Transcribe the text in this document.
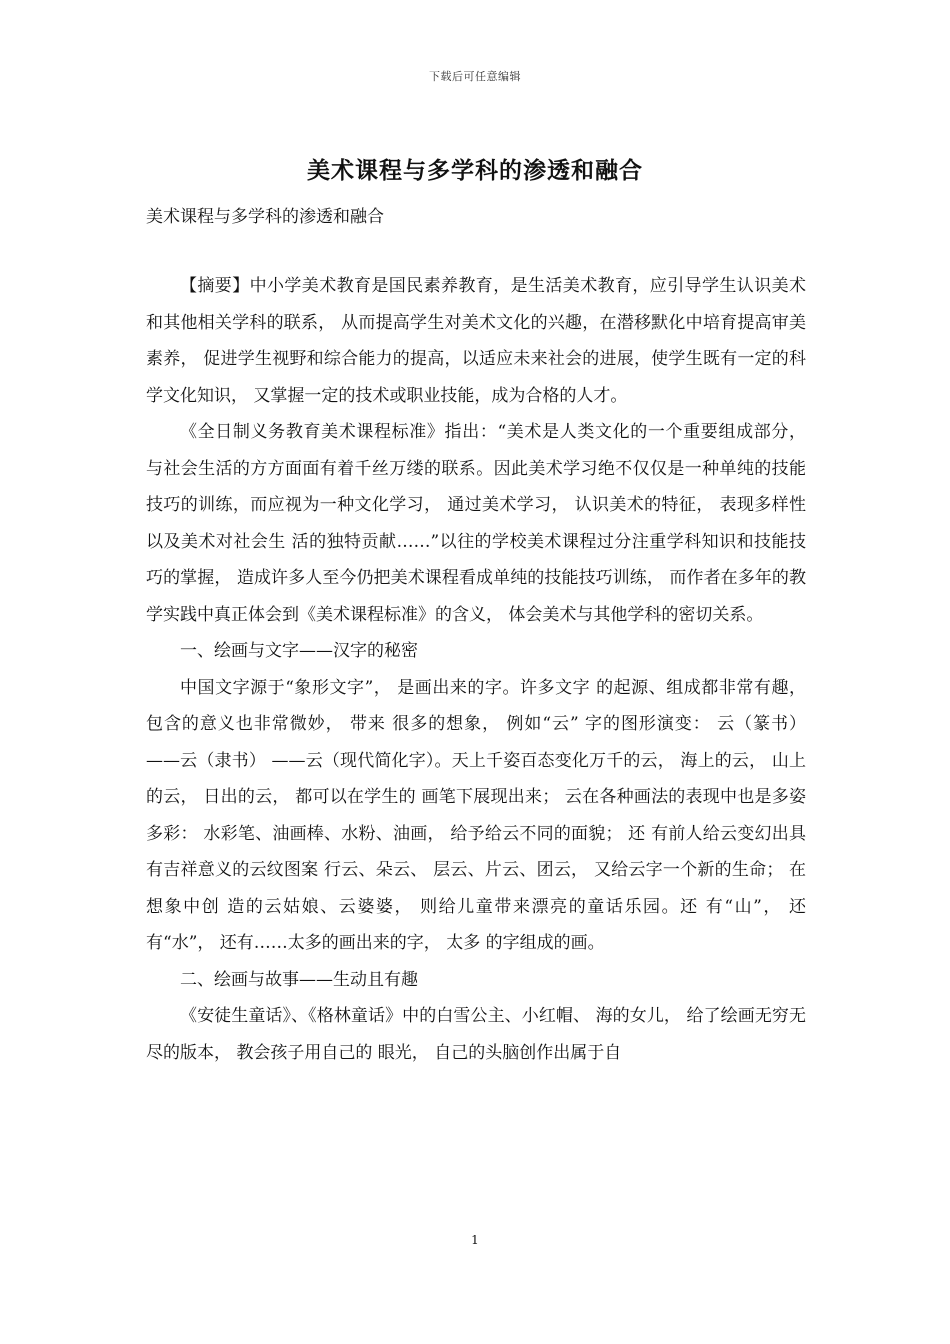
下载后可任意编辑
美术课程与多学科的渗透和融合
美术课程与多学科的渗透和融合

【摘要】中小学美术教育是国民素养教育，是生活美术教育，应引导学生认识美术和其他相关学科的联系， 从而提高学生对美术文化的兴趣，在潜移默化中培育提高审美素养， 促进学生视野和综合能力的提高，以适应未来社会的进展，使学生既有一定的科学文化知识， 又掌握一定的技术或职业技能，成为合格的人才。

《全日制义务教育美术课程标准》指出：“美术是人类文化的一个重要组成部分， 与社会生活的方方面面有着千丝万缕的联系。因此美术学习绝不仅仅是一种单纯的技能技巧的训练，而应视为一种文化学习， 通过美术学习， 认识美术的特征， 表现多样性以及美术对社会生 活的独特贡献……”以往的学校美术课程过分注重学科知识和技能技巧的掌握， 造成许多人至今仍把美术课程看成单纯的技能技巧训练， 而作者在多年的教学实践中真正体会到《美术课程标准》的含义， 体会美术与其他学科的密切关系。

一、绘画与文字——汉字的秘密

中国文字源于“象形文字”， 是画出来的字。许多文字 的起源、组成都非常有趣， 包含的意义也非常微妙， 带来 很多的想象， 例如“云” 字的图形演变： 云（篆书） ——云（隶书） ——云（现代简化字）。天上千姿百态变化万千的云， 海上的云， 山上的云， 日出的云， 都可以在学生的 画笔下展现出来； 云在各种画法的表现中也是多姿多彩： 水彩笔、油画棒、水粉、油画， 给予给云不同的面貌； 还 有前人给云变幻出具有吉祥意义的云纹图案 行云、朵云、 层云、片云、团云， 又给云字一个新的生命； 在想象中创 造的云姑娘、云婆婆， 则给儿童带来漂亮的童话乐园。还 有“山”， 还有“水”， 还有……太多的画出来的字， 太多 的字组成的画。

二、绘画与故事——生动且有趣

《安徒生童话》、《格林童话》中的白雪公主、小红帽、 海的女儿， 给了绘画无穷无尽的版本， 教会孩子用自己的 眼光， 自己的头脑创作出属于自

1
